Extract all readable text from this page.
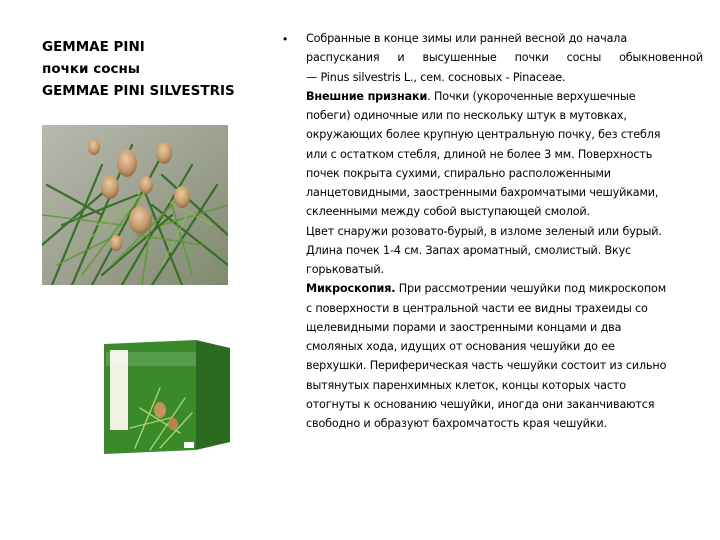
GEMMAE PINI
почки сосны
GEMMAE PINI SILVESTRIS
• Собранные в конце зимы или ранней весной до начала
распускания и высушенные почки сосны обыкновенной
— Pinus silvestris L., сем. сосновых - Pinaceae.
Внешние признаки. Почки (укороченные верхушечные
побеги) одиночные или по нескольку штук в мутовках,
окружающих более крупную центральную почку, без стебля
или с остатком стебля, длиной не более 3 мм. Поверхность
почек покрыта сухими, спирально расположенными
ланцетовидными, заостренными бахромчатыми чешуйками,
склеенными между собой выступающей смолой.
Цвет снаружи розовато-бурый, в изломе зеленый или бурый.
Длина почек 1-4 см. Запах ароматный, смолистый. Вкус
горьковатый.
Микроскопия. При рассмотрении чешуйки под микроскопом
с поверхности в центральной части ее видны трахеиды со
щелевидными порами и заостренными концами и два
смоляных хода, идущих от основания чешуйки до ее
верхушки. Периферическая часть чешуйки состоит из сильно
вытянутых паренхимных клеток, концы которых часто
отогнуты к основанию чешуйки, иногда они заканчиваются
свободно и образуют бахромчатость края чешуйки.
